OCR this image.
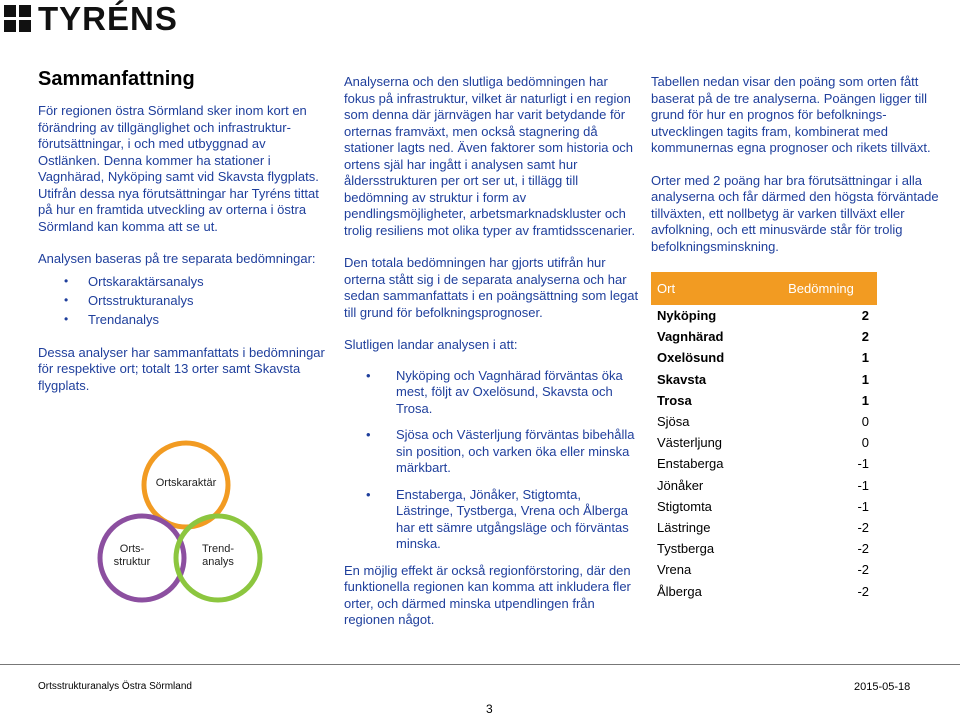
TYRÉNS
Sammanfattning

För regionen östra Sörmland sker inom kort en förändring av tillgänglighet och infrastruktur-förutsättningar, i och med utbyggnad av Ostlänken. Denna kommer ha stationer i Vagnhärad, Nyköping samt vid Skavsta flygplats. Utifrån dessa nya förutsättningar har Tyréns tittat på hur en framtida utveckling av orterna i östra Sörmland kan komma att se ut.

Analysen baseras på tre separata bedömningar:

• Ortskaraktärsanalys
• Ortsstrukturanalys
• Trendanalys

Dessa analyser har sammanfattats i bedömningar för respektive ort; totalt 13 orter samt Skavsta flygplats.

Ortskaraktär
Orts-
struktur
Trend-
analys

Analyserna och den slutliga bedömningen har fokus på infrastruktur, vilket är naturligt i en region som denna där järnvägen har varit betydande för orternas framväxt, men också stagnering då stationer lagts ned. Även faktorer som historia och ortens själ har ingått i analysen samt hur åldersstrukturen per ort ser ut, i tillägg till bedömning av struktur i form av pendlingsmöjligheter, arbetsmarknadskluster och trolig resiliens mot olika typer av framtidsscenarier.

Den totala bedömningen har gjorts utifrån hur orterna stått sig i de separata analyserna och har sedan sammanfattats i en poängsättning som legat till grund för befolkningsprognoser.

Slutligen landar analysen i att:

• Nyköping och Vagnhärad förväntas öka mest, följt av Oxelösund, Skavsta och Trosa.
• Sjösa och Västerljung förväntas bibehålla sin position, och varken öka eller minska märkbart.
• Enstaberga, Jönåker, Stigtomta, Lästringe, Tystberga, Vrena och Ålberga har ett sämre utgångsläge och förväntas minska.

En möjlig effekt är också regionförstoring, där den funktionella regionen kan komma att inkludera fler orter, och därmed minska utpendlingen från regionen något.

Tabellen nedan visar den poäng som orten fått baserat på de tre analyserna. Poängen ligger till grund för hur en prognos för befolknings-utvecklingen tagits fram, kombinerat med kommunernas egna prognoser och rikets tillväxt.

Orter med 2 poäng har bra förutsättningar i alla analyserna och får därmed den högsta förväntade tillväxten, ett nollbetyg är varken tillväxt eller avfolkning, och ett minusvärde står för trolig befolkningsminskning.

Ort	Bedömning
Nyköping	2
Vagnhärad	2
Oxelösund	1
Skavsta	1
Trosa	1
Sjösa	0
Västerljung	0
Enstaberga	-1
Jönåker	-1
Stigtomta	-1
Lästringe	-2
Tystberga	-2
Vrena	-2
Ålberga	-2
Ortsstrukturanalys Östra Sörmland
3
2015-05-18
